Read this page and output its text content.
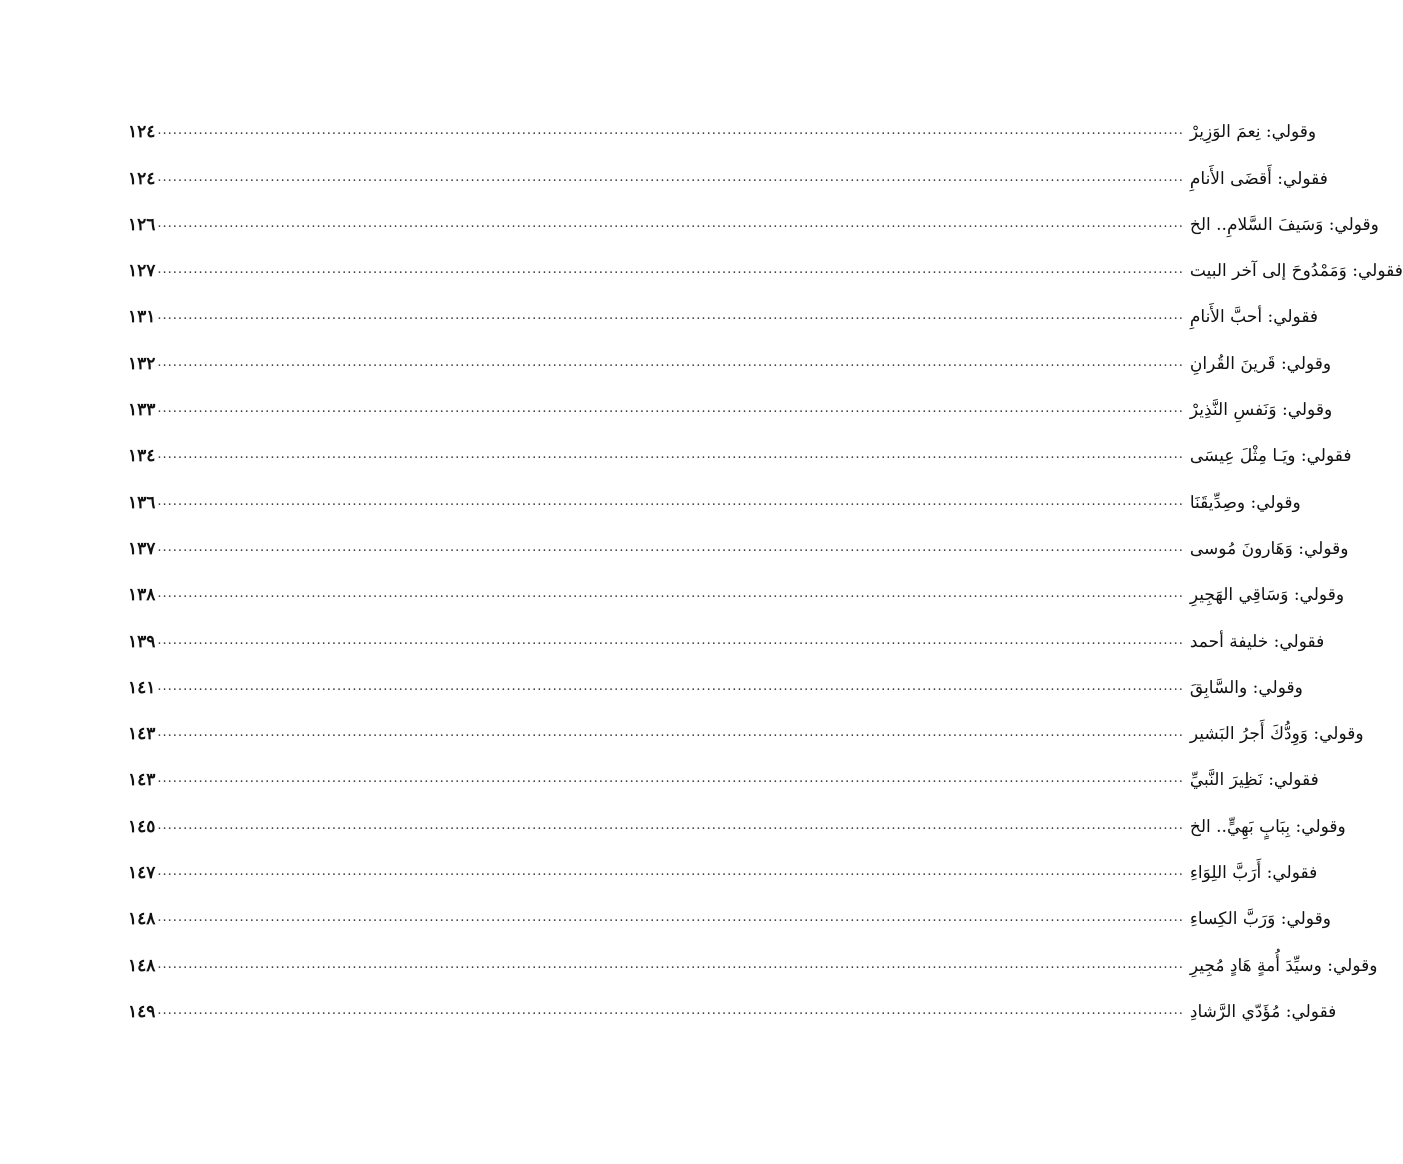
١٢٤ ........................................................................................................................................................................................................ وقولي: نِعمَ الوَزِيرْ
١٢٤ ........................................................................................................................................................................................................ فقولي: أَقضَى الأَنامِ
١٢٦ ........................................................................................................................................................................................................ وقولي: وَسَيفَ السَّلامِ.. الخ
١٢٧ ........................................................................................................................................................................................................ فقولي: وَمَمْدُوحَ إلى آخر البيت
١٣١ ........................................................................................................................................................................................................ فقولي: أحبَّ الأَنامِ
١٣٢ ........................................................................................................................................................................................................ وقولي: قَرينَ القُرانِ
١٣٣ ........................................................................................................................................................................................................ وقولي: وَنَفسِ النَّذِيرْ
١٣٤ ........................................................................................................................................................................................................ فقولي: ويَـا مِثْلَ عِيسَى
١٣٦ ........................................................................................................................................................................................................ وقولي: وصِدِّيقَنَا
١٣٧ ........................................................................................................................................................................................................ وقولي: وَهَارونَ مُوسى
١٣٨ ........................................................................................................................................................................................................ وقولي: وَسَاقِي الهَجِيرِ
١٣٩ ........................................................................................................................................................................................................ فقولي: خليفة أحمد
١٤١ ........................................................................................................................................................................................................ وقولي: والسَّابِقَ
١٤٣ ........................................................................................................................................................................................................ وقولي: وَوِدُّكَ أَجرُ البَشير
١٤٣ ........................................................................................................................................................................................................ فقولي: نَظِيرَ النَّبيِّ
١٤٥ ........................................................................................................................................................................................................ وقولي: بِبَابٍ بَهِيٍّ.. الخ
١٤٧ ........................................................................................................................................................................................................ فقولي: أَرَبَّ اللِوَاءِ
١٤٨ ........................................................................................................................................................................................................ وقولي: وَرَبَّ الكِساءِ
١٤٨ ........................................................................................................................................................................................................ وقولي: وسيِّدَ أُمةٍ هَادٍ مُجِيرِ
١٤٩ ........................................................................................................................................................................................................ فقولي: مُؤَدّي الرَّشادِ
